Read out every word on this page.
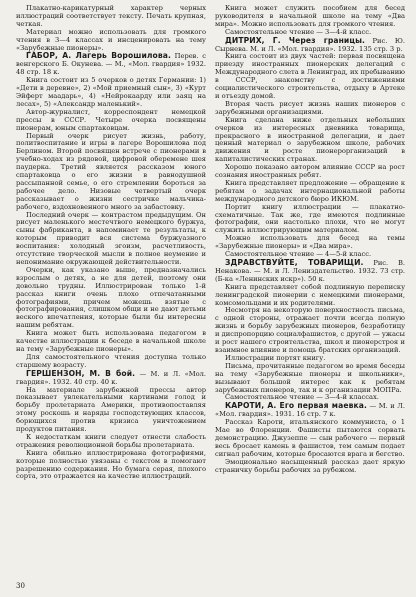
Плакатно-карикатурный характер черных иллюстраций соответствует тексту. Печать крупная, четкая.

Материал можно использовать для громкого чтения в 3—4 классах и инсценировать на тему «Зарубежные пионеры».

ГАБОР, А. Лагерь Ворошилова. Перев. с венгерского Б. Окунева. — М., «Мол. гвардия» 1932. 48 стр. 18 к.

Книга состоит из 5 очерков о детях Германии: 1) «Дети в деревне», 2) «Мой приемный сын», 3) «Курт Эйферт маадарь», 4) «Нейрокаарду или заяц на лесах», 5) «Александр маленький».

Автор-журналист, корреспондент немецкой прессы в СССР. Четыре очерка посвящены пионерам, юным спартаковцам.

Первый очерк рисует жизнь, работу, политвоспитание и игры в лагере Ворошилова под Берлином. Второй посвящен встрече с пионерами в учебно-ходах из рядовой, цифровой оберемене шея паудерка. Третий является рассказом юного спартаковца о его жизни в равнодушной рассыпанной семье, о его стремлении бороться за рабочее дело. Низовые четвертый очерк рассказывает о жизни сестричке мальчика-рабочего, вздохновенного много за забастовку.

Последний очерк — контрастом предыдущим. Он рисует маленького местечтвого немецкого буржуа, сыны фабриканта, в напоминает те результаты, к которым приводит вся система буржуазного воспитания: холодный эгоизм, расчетливость, отсутствие творческой мысли в полное неумение и непонимание окружающей действительности.

Очерки, как указано выше, предназначались взрослым о детях, а не для детей, поэтому они довольно трудны. Иллюстрирован только 1-й рассказ книги очень плохо отпечатанными фотографиями, причем можешь взятые с фотографирования, слишком общи и не дают детьми веского впечатления, которые были бы интересны нашим ребятам.

Книга может быть использована педагогом в качестве иллюстрации к беседе в начальной школе на тему «Зарубежные пионеры».

Для самостоятельного чтения доступна только старшему возрасту.

ГЕРШЕНЗОН, М. В бой. — М. и Л. «Мол. гвардия». 1932. 40 стр. 40 к.

На материале зарубежной прессы автор показывает увлекательными картинами голод и борьбу пролетариата Америки, противопоставляя этому роскошь и наряды господствующих классов, борющихся против кризиса уничтожением продуктов питания.

К недостаткам книги следует отнести слабость отражения революционной борьбы пролетариата.

Книга обильно иллюстрирована фотографиями, которые полностью увязаны с текстом в помогают разрешению содержания. Но бумага серая, плохого сорта, это отражается на качестве иллюстраций.

Книга может служить пособием для бесед руководителя в начальной школе на тему «Два мира». Можно использовать для громкого чтения.

Самостоятельное чтение — 3—4-й класс.

ДИТРИХ, Г. Через границы. Рис. Ю. Сырнева. М. и Л. «Мол. гвардия». 1932. 135 стр. 3 р.

Книга состоит из двух частей: первая посвящена приезду иностранных пионерских делегаций с Международного слета в Ленинград, их пребыванию в СССР, знакомству с достижениями социалистического строительства, отдыху в Артеке и отъезду домой.

Вторая часть рисует жизнь наших пионеров с зарубежными организациями.

Книга сделана ниже отдельных небольших очерков из интересных дневника товарища, прекрасного в иностранной делегации, и дает ценный материал о зарубежном школе, рабочих движения и росте пионерорганизаций в капиталистических странах.

Хорошо показано автором влияние СССР на рост сознания иностранных ребят.

Книга представляет предложение — обращение к ребятам о задачах интернациональной работы международного детского бюро ИКЮМ.

Портит книгу иллюстрации — плакатно-схематичные. Так же, где имеются подлинные фотографии, они настолько плохи, что не могут служить иллюстрирующим материалом.

Можно использовать для бесед на темы «Зарубежные пионеры» и «Два мира».

Самостоятельное чтение — 4—5-й класс.

ЗДРАВСТВУЙТЕ, ТОВАРИЩИ. Рис. В. Ненакова. — М. и Л. Лениздательство. 1932. 73 стр. (Б-ка «Ленинских искр»). 50 к.

Книга представляет собой подлинную переписку ленинградской пионерии с немецкими пионерами, комсомольцами и их родителями.

Несмотря на некоторую поверхностность письма, с одной стороны, отражает почти всегда полную жизнь и борьбу зарубежных пионеров, безработицу и диспропорцию социалфашистов, с другой — ужасы и рост нашего строительства, школ и пионерстроя и взаимное влияние и помощь братских организаций.

Иллюстрации портят книгу.

Письма, прочитанные педагогом во время беседы на тему «Зарубежные пионеры и школьники», вызывают большой интерес как к ребятам зарубежных пионеров, так и к организации МОПРа.

Самостоятельное чтение — 3—4-й классах.

КАРОТИ, А. Его первая маевка. — М. и Л. «Мол. гвардия». 1931. 16 стр. 7 к.

Рассказ Кароти, итальянского коммуниста, о 1 Мае во Флоренции. Фашисты пытаются сорвать демонстрацию. Джузеппе — сын рабочего — первый весь бросает камень в фашистов, тем самым подает сигнал рабочим, которые бросаются врага и бегство.

Эмоционально насыщенный рассказ дает яркую страничку борьбы рабочих за рубежом.

30
